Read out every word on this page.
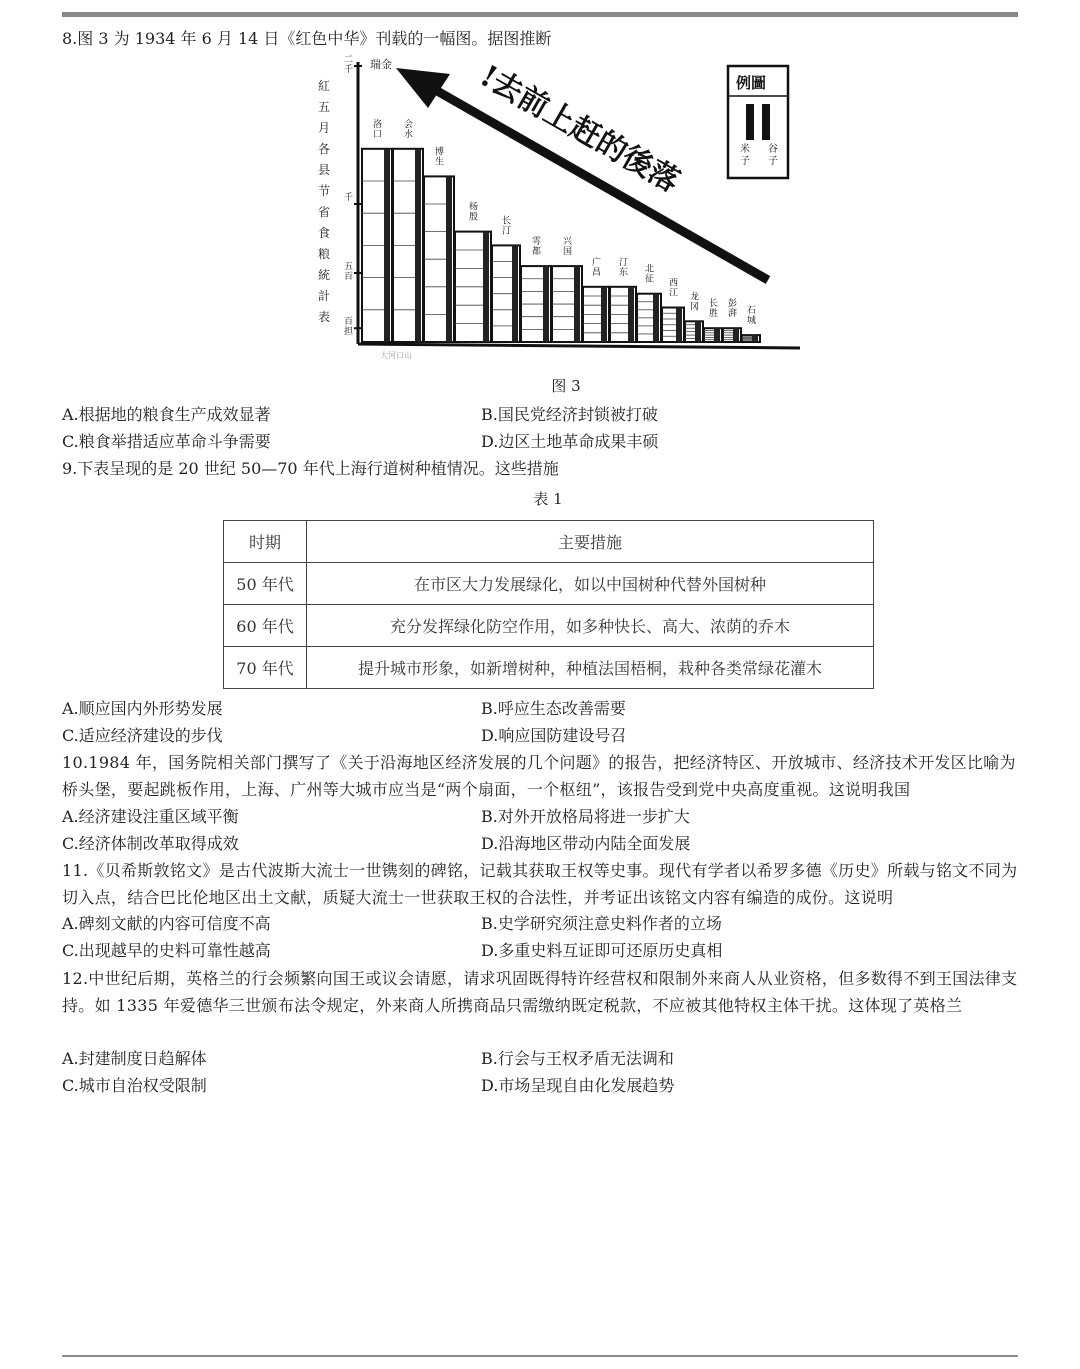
8.图 3 为 1934 年 6 月 14 日《红色中华》刊载的一幅图。据图推断
紅五月各县节省食粮統計表
二千
千
五百
百担
瑞金	!去前上赶的後落	例圖
米子
谷子
洛口
会水
博生
杨殷	长汀
雩都
兴国
广昌
汀东 北征 西江 龙冈 长胜
彭湃 石城
大河口山
图 3
A.根据地的粮食生产成效显著	B.国民党经济封锁被打破
C.粮食举措适应革命斗争需要	D.边区土地革命成果丰硕
9.下表呈现的是 20 世纪 50—70 年代上海行道树种植情况。这些措施
表 1
时期	主要措施
50 年代	在市区大力发展绿化，如以中国树种代替外国树种
60 年代	充分发挥绿化防空作用，如多种快长、高大、浓荫的乔木
70 年代	提升城市形象，如新增树种，种植法国梧桐，栽种各类常绿花灌木
A.顺应国内外形势发展	B.呼应生态改善需要
C.适应经济建设的步伐	D.响应国防建设号召
10.1984 年，国务院相关部门撰写了《关于沿海地区经济发展的几个问题》的报告，把经济特区、开放城市、经济技术开发区比喻为桥头堡，要起跳板作用，上海、广州等大城市应当是“两个扇面，一个枢纽”，该报告受到党中央高度重视。这说明我国
A.经济建设注重区域平衡	B.对外开放格局将进一步扩大
C.经济体制改革取得成效	D.沿海地区带动内陆全面发展
11.《贝希斯敦铭文》是古代波斯大流士一世镌刻的碑铭，记载其获取王权等史事。现代有学者以希罗多德《历史》所载与铭文不同为切入点，结合巴比伦地区出土文献，质疑大流士一世获取王权的合法性，并考证出该铭文内容有编造的成份。这说明
A.碑刻文献的内容可信度不高	B.史学研究须注意史料作者的立场
C.出现越早的史料可靠性越高	D.多重史料互证即可还原历史真相
12.中世纪后期，英格兰的行会频繁向国王或议会请愿，请求巩固既得特许经营权和限制外来商人从业资格，但多数得不到王国法律支持。如 1335 年爱德华三世颁布法令规定，外来商人所携商品只需缴纳既定税款，不应被其他特权主体干扰。这体现了英格兰
A.封建制度日趋解体	B.行会与王权矛盾无法调和
C.城市自治权受限制	D.市场呈现自由化发展趋势
